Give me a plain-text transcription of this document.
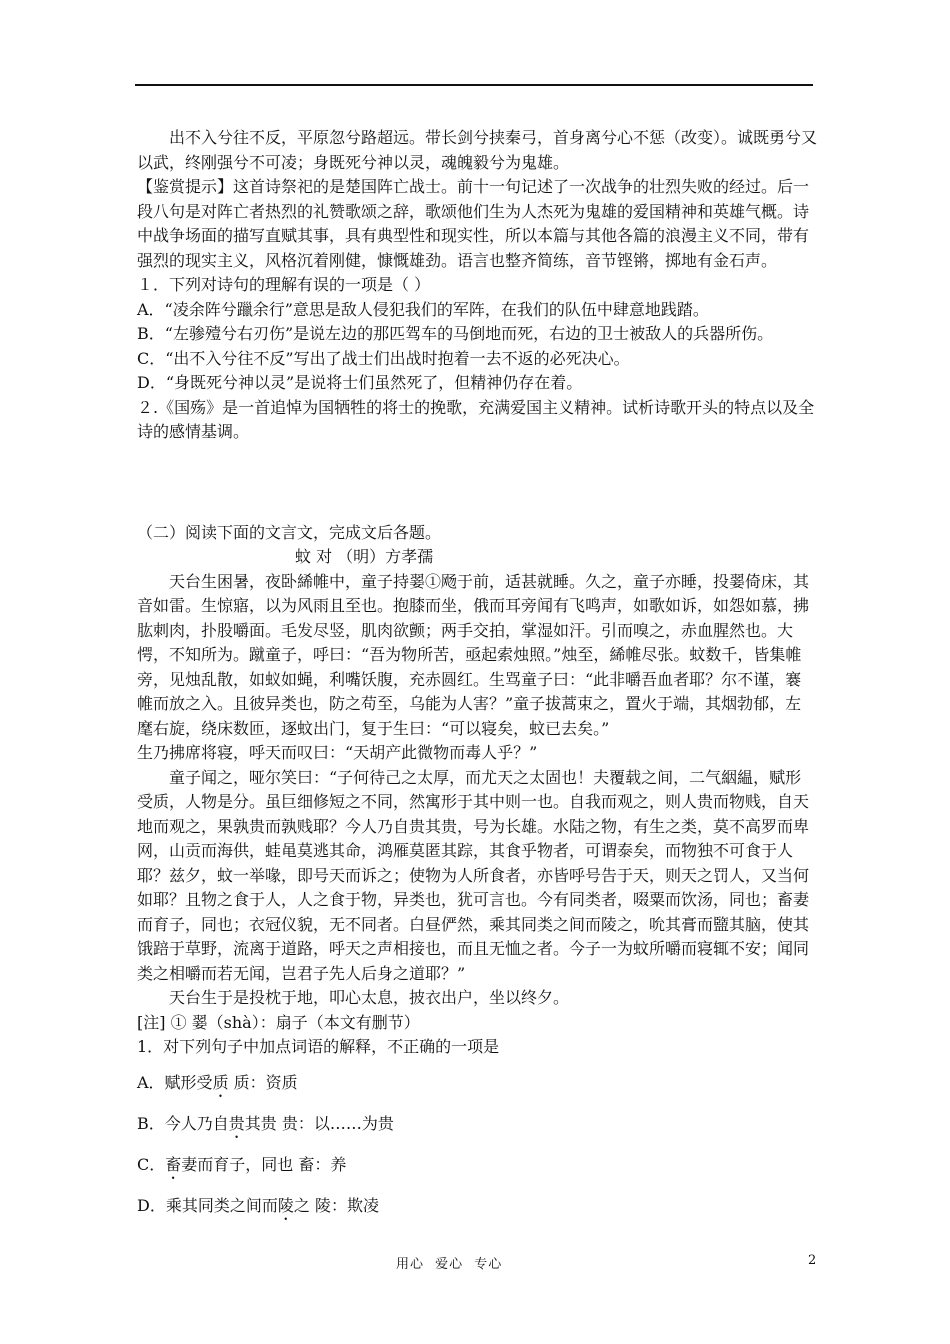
出不入兮往不反，平原忽兮路超远。带长剑兮挟秦弓，首身离兮心不惩（改变）。诚既勇兮又以武，终刚强兮不可凌；身既死兮神以灵，魂魄毅兮为鬼雄。

【鉴赏提示】这首诗祭祀的是楚国阵亡战士。前十一句记述了一次战争的壮烈失败的经过。后一段八句是对阵亡者热烈的礼赞歌颂之辞，歌颂他们生为人杰死为鬼雄的爱国精神和英雄气概。诗中战争场面的描写直赋其事，具有典型性和现实性，所以本篇与其他各篇的浪漫主义不同，带有强烈的现实主义，风格沉着刚健，慷慨雄劲。语言也整齐简练，音节铿锵，掷地有金石声。

１．下列对诗句的理解有误的一项是（ ）

A．“凌余阵兮躐余行”意思是敌人侵犯我们的军阵，在我们的队伍中肆意地践踏。

B．“左骖殪兮右刃伤”是说左边的那匹驾车的马倒地而死，右边的卫士被敌人的兵器所伤。

C．“出不入兮往不反”写出了战士们出战时抱着一去不返的必死决心。

D．“身既死兮神以灵”是说将士们虽然死了，但精神仍存在着。

２.《国殇》是一首追悼为国牺牲的将士的挽歌，充满爱国主义精神。试析诗歌开头的特点以及全诗的感情基调。

（二）阅读下面的文言文，完成文后各题。

蚊 对 （明）方孝孺

天台生困暑，夜卧絺帷中，童子持翣①飏于前，适甚就睡。久之，童子亦睡，投翣倚床，其音如雷。生惊寤，以为风雨且至也。抱膝而坐，俄而耳旁闻有飞鸣声，如歌如诉，如怨如慕，拂肱刺肉，扑股嚼面。毛发尽竖，肌肉欲颤；两手交拍，掌湿如汗。引而嗅之，赤血腥然也。大愕，不知所为。蹴童子，呼曰：“吾为物所苦，亟起索烛照。”烛至，絺帷尽张。蚊数千，皆集帷旁，见烛乱散，如蚁如蝇，利嘴饫腹，充赤圆红。生骂童子曰：“此非嚼吾血者耶？尔不谨，褰帷而放之入。且彼异类也，防之苟至，乌能为人害？”童子拔蒿束之，置火于端，其烟勃郁，左麾右旋，绕床数匝，逐蚊出门，复于生曰：“可以寝矣，蚊已去矣。”

生乃拂席将寝，呼天而叹曰：“天胡产此微物而毒人乎？”

童子闻之，哑尔笑曰：“子何待己之太厚，而尤天之太固也！夫覆载之间，二气絪緼，赋形受质，人物是分。虽巨细修短之不同，然寓形于其中则一也。自我而观之，则人贵而物贱，自天地而观之，果孰贵而孰贱耶？今人乃自贵其贵，号为长雄。水陆之物，有生之类，莫不高罗而卑网，山贡而海供，蛙黾莫逃其命，鸿雁莫匿其踪，其食乎物者，可谓泰矣，而物独不可食于人耶？兹夕，蚊一举喙，即号天而诉之；使物为人所食者，亦皆呼号告于天，则天之罚人，又当何如耶？且物之食于人，人之食于物，异类也，犹可言也。今有同类者，啜粟而饮汤，同也；畜妻而育子，同也；衣冠仪貌，无不同者。白昼俨然，乘其同类之间而陵之，吮其膏而盬其脑，使其饿踣于草野，流离于道路，呼天之声相接也，而且无恤之者。今子一为蚊所嚼而寝辄不安；闻同类之相嚼而若无闻，岂君子先人后身之道耶？”

天台生于是投枕于地，叩心太息，披衣出户，坐以终夕。

[注] ① 翣（shà）：扇子（本文有删节）

1．对下列句子中加点词语的解释，不正确的一项是

A．赋形受质 质：资质

B．今人乃自贵其贵 贵：以……为贵

C．畜妻而育子，同也 畜：养

D．乘其同类之间而陵之 陵：欺凌

用心 爱心 专心	2
